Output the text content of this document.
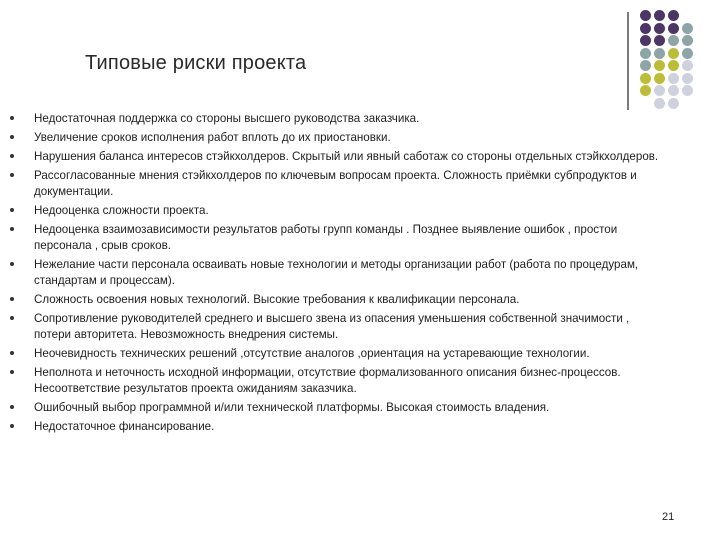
Типовые риски проекта
Недостаточная поддержка со стороны высшего руководства заказчика.
Увеличение сроков исполнения работ вплоть до их приостановки.
Нарушения баланса интересов стэйкхолдеров. Скрытый или явный саботаж со стороны отдельных стэйкхолдеров.
Рассогласованные мнения стэйкхолдеров по ключевым вопросам проекта. Сложность приёмки субпродуктов и документации.
Недооценка сложности проекта.
Недооценка взаимозависимости результатов работы групп команды . Позднее выявление ошибок , простои персонала , срыв сроков.
Нежелание части персонала осваивать новые технологии и методы организации работ (работа по процедурам, стандартам и процессам).
Сложность освоения новых технологий. Высокие требования к квалификации персонала.
Сопротивление руководителей среднего и высшего звена из опасения уменьшения собственной значимости , потери авторитета. Невозможность внедрения системы.
Неочевидность технических решений ,отсутствие аналогов ,ориентация на устаревающие технологии.
Неполнота и неточность исходной информации, отсутствие формализованного описания бизнес-процессов. Несоответствие результатов проекта ожиданиям заказчика.
Ошибочный выбор программной и/или технической платформы. Высокая стоимость владения.
Недостаточное финансирование.
21
